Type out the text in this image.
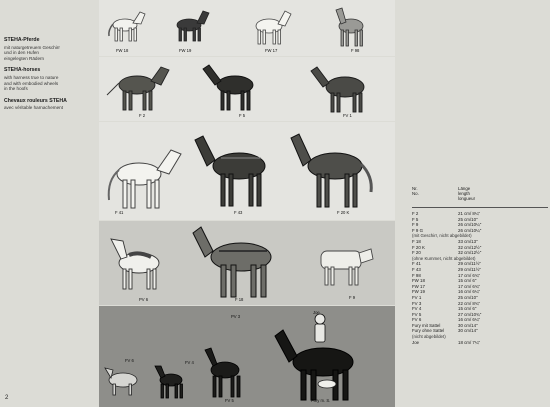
STEHA-Pferde
mit naturgetreuem Geschirr
und in den Hufen
eingelegten Rädern
STEHA-horses
with harness true to nature
and with embodied wheels
in the hoofs
Chevaux rouleurs STEHA
avec véritable harnachement
2
FW 18	FW 19	FW 17	F 98
F 2	F 5	FV 1
F 41	F 43	F 20 K
PV 6	F 18	F 9
Joe
PV 3
FV 6	FV 4
FV 5	Fury m. S.
Nr.
No.
Länge
length
longueur
F 2	21 cm/ 8¼"
F 5	25 cm/10"
F 9	26 cm/10¼"
F 9 G	26 cm/10¼"
(mit Geschirr, nicht abgebildet)
F 18	33 cm/13"
F 20 K	32 cm/12½"
F 20	32 cm/12½"
(ohne Kummet, nicht abgebildet)
F 41	29 cm/11½"
F 43	29 cm/11½"
F 98	17 cm/ 6¾"
FW 18	15 cm/ 6"
FW 17	17 cm/ 6¾"
FW 19	16 cm/ 6¼"
FV 1	25 cm/10"
FV 3	22 cm/ 8¾"
FV 4	15 cm/ 6"
FV 5	27 cm/10¾"
FV 6	16 cm/ 6¼"
Fury mit Sattel	30 cm/14"
Fury ohne Sattel	30 cm/14"
(nicht abgebildet)
Joe	18 cm/ 7¼"
